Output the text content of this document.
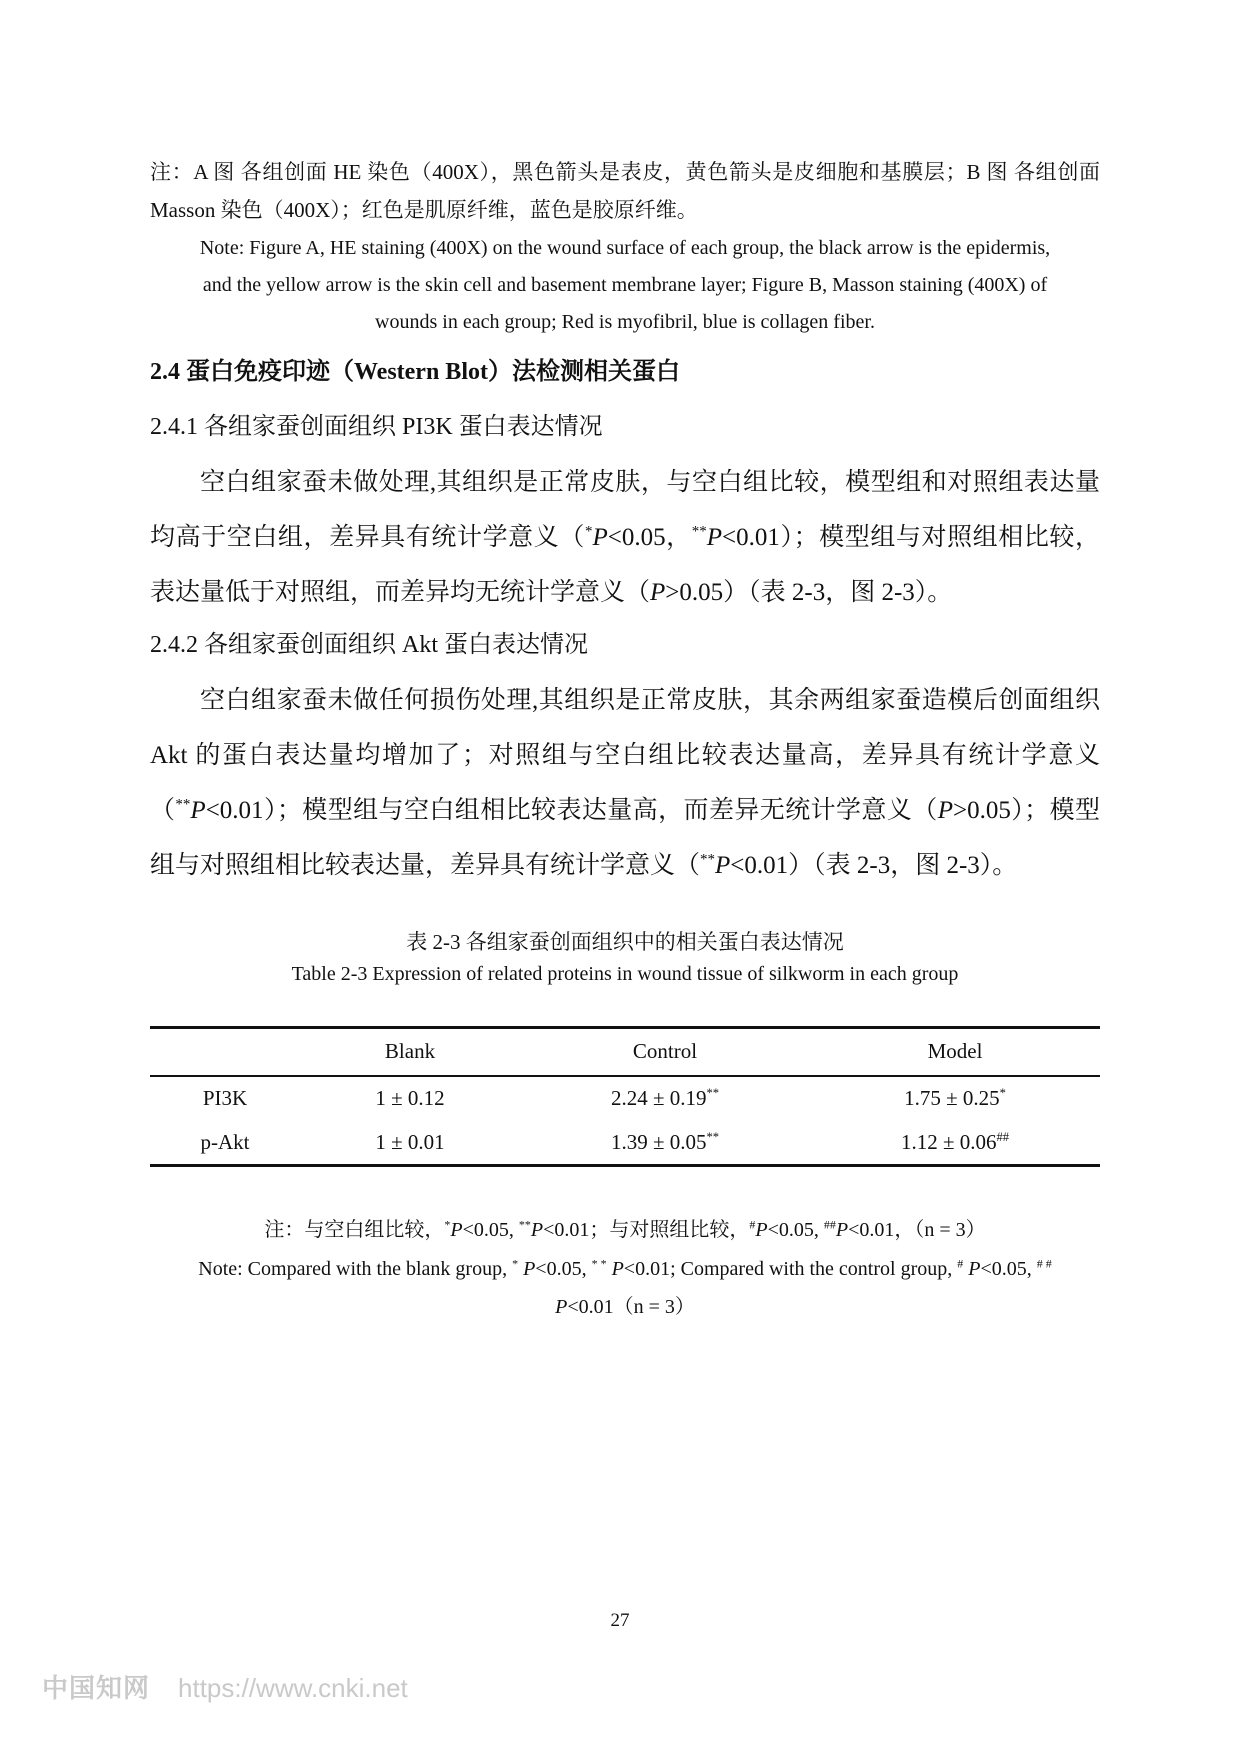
注：A 图 各组创面 HE 染色（400X），黑色箭头是表皮，黄色箭头是皮细胞和基膜层；B 图 各组创面 Masson 染色（400X）；红色是肌原纤维，蓝色是胶原纤维。
Note: Figure A, HE staining (400X) on the wound surface of each group, the black arrow is the epidermis,
and the yellow arrow is the skin cell and basement membrane layer; Figure B, Masson staining (400X) of
wounds in each group; Red is myofibril, blue is collagen fiber.
2.4 蛋白免疫印迹（Western Blot）法检测相关蛋白
2.4.1 各组家蚕创面组织 PI3K 蛋白表达情况
空白组家蚕未做处理,其组织是正常皮肤，与空白组比较，模型组和对照组表达量均高于空白组，差异具有统计学意义（*P<0.05，**P<0.01）；模型组与对照组相比较，表达量低于对照组，而差异均无统计学意义（P>0.05）（表 2-3，图 2-3）。
2.4.2 各组家蚕创面组织 Akt 蛋白表达情况
空白组家蚕未做任何损伤处理,其组织是正常皮肤，其余两组家蚕造模后创面组织 Akt 的蛋白表达量均增加了；对照组与空白组比较表达量高，差异具有统计学意义（**P<0.01）；模型组与空白组相比较表达量高，而差异无统计学意义（P>0.05）；模型组与对照组相比较表达量，差异具有统计学意义（**P<0.01）（表 2-3，图 2-3）。
表 2-3 各组家蚕创面组织中的相关蛋白表达情况
Table 2-3 Expression of related proteins in wound tissue of silkworm in each group
	Blank	Control	Model
PI3K	1 ± 0.12	2.24 ± 0.19**	1.75 ± 0.25*
p-Akt	1 ± 0.01	1.39 ± 0.05**	1.12 ± 0.06##
注：与空白组比较，*P<0.05, **P<0.01；与对照组比较，#P<0.05, ##P<0.01，（n = 3）
Note: Compared with the blank group, * P<0.05, * * P<0.01; Compared with the control group, # P<0.05, # #
P<0.01（n = 3）
27
中国知网 https://www.cnki.net
